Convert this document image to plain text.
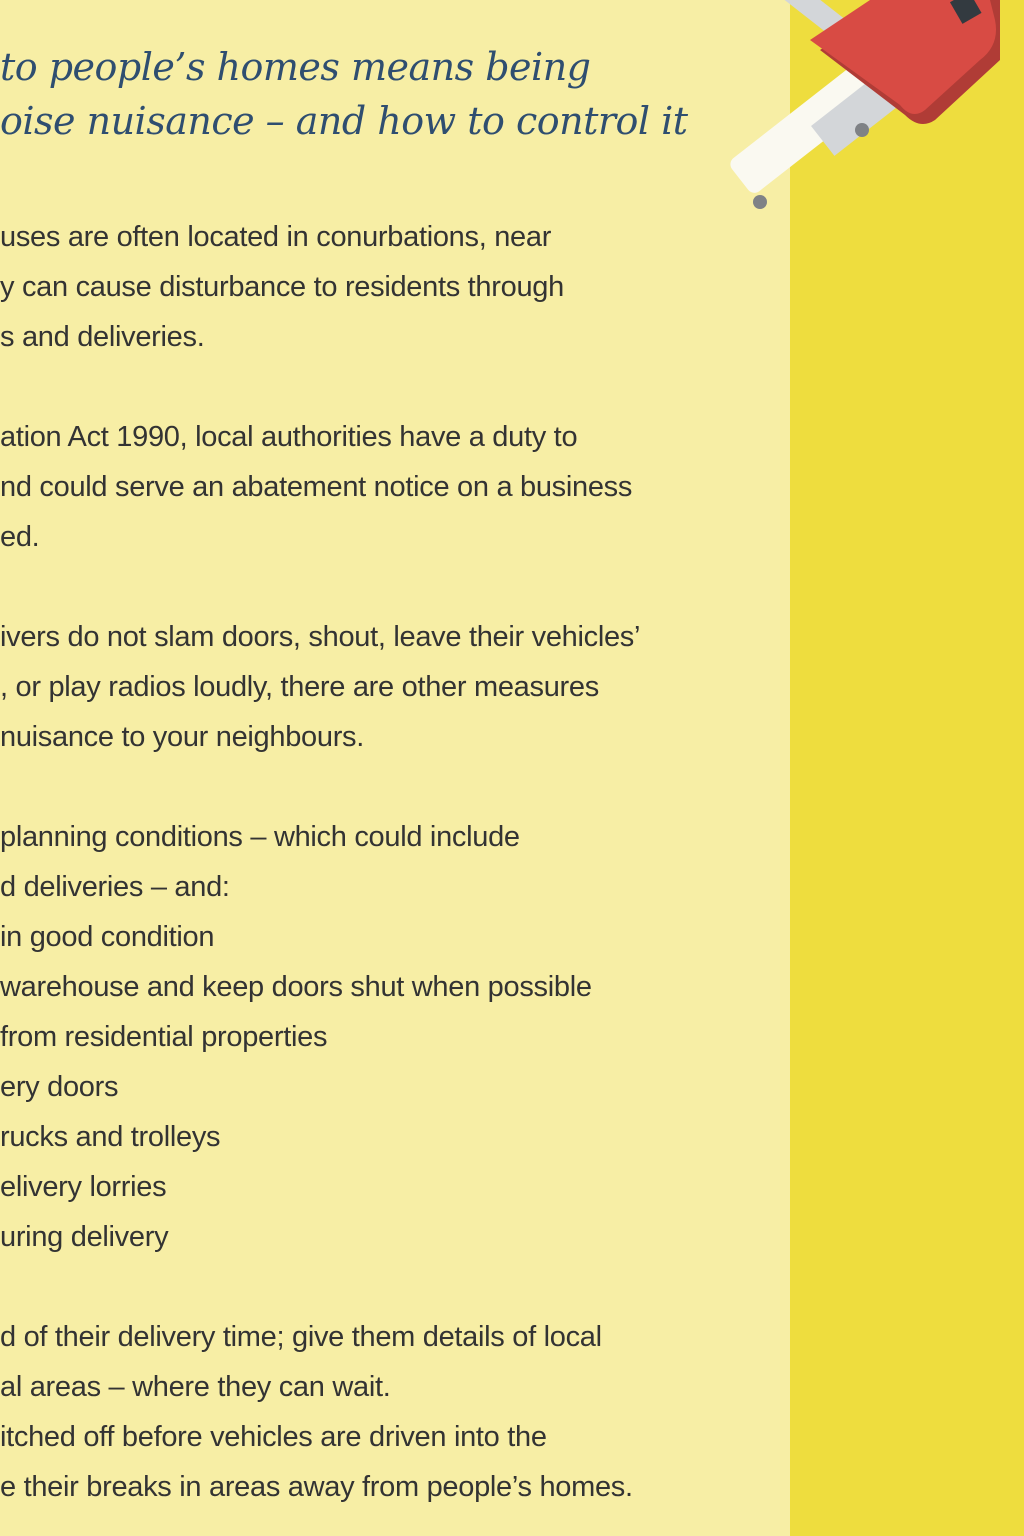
to people’s homes means being
oise nuisance – and how to control it
uses are often located in conurbations, near
y can cause disturbance to residents through
s and deliveries.
ation Act 1990, local authorities have a duty to
nd could serve an abatement notice on a business
ed.
ivers do not slam doors, shout, leave their vehicles’
, or play radios loudly, there are other measures
nuisance to your neighbours.
planning conditions – which could include
d deliveries – and:
in good condition
warehouse and keep doors shut when possible
from residential properties
ery doors
rucks and trolleys
elivery lorries
uring delivery
d of their delivery time; give them details of local
al areas – where they can wait.
itched off before vehicles are driven into the
e their breaks in areas away from people’s homes.
